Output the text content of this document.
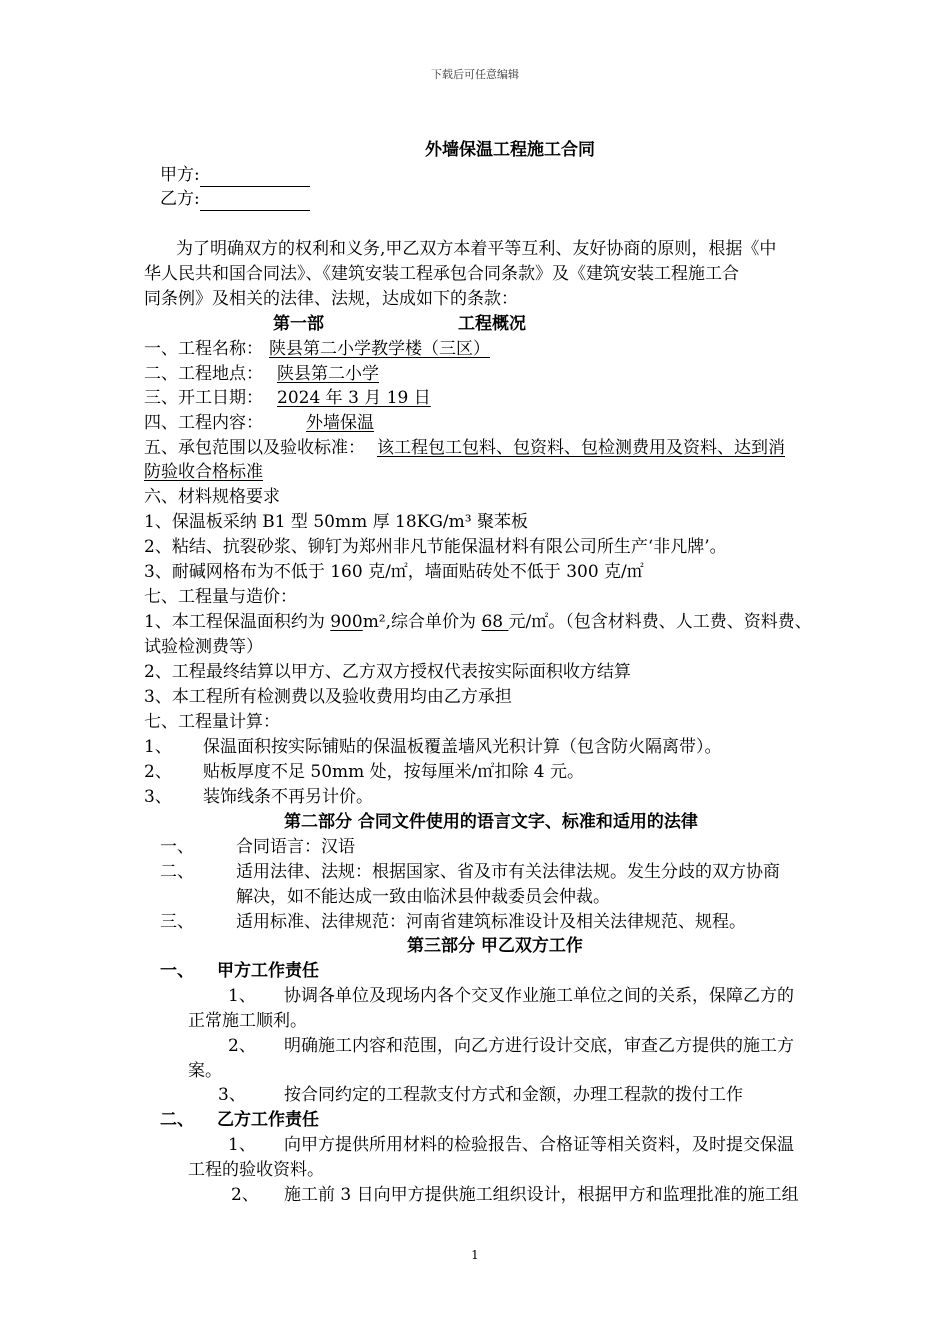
下载后可任意编辑
外墙保温工程施工合同
甲方:
乙方:
为了明确双方的权利和义务,甲乙双方本着平等互利、友好协商的原则，根据《中
华人民共和国合同法》、《建筑安装工程承包合同条款》及《建筑安装工程施工合
同条例》及相关的法律、法规，达成如下的条款：
第一部	工程概况
一、工程名称： 陕县第二小学教学楼（三区）
二、工程地点： 陕县第二小学
三、开工日期： 2024 年 3 月 19 日
四、工程内容：	外墙保温
五、承包范围以及验收标准： 该工程包工包料、包资料、包检测费用及资料、达到消
防验收合格标准
六、材料规格要求
1、保温板采纳 B1 型 50mm 厚 18KG/m³ 聚苯板
2、粘结、抗裂砂浆、铆钉为郑州非凡节能保温材料有限公司所生产‘非凡牌’。
3、耐碱网格布为不低于 160 克/㎡，墙面贴砖处不低于 300 克/㎡
七、工程量与造价：
1、本工程保温面积约为 900m²,综合单价为 68 元/㎡。（包含材料费、人工费、资料费、
试验检测费等）
2、工程最终结算以甲方、乙方双方授权代表按实际面积收方结算
3、本工程所有检测费以及验收费用均由乙方承担
七、工程量计算：
1、 保温面积按实际铺贴的保温板覆盖墙风光积计算（包含防火隔离带）。
2、 贴板厚度不足 50mm 处，按每厘米/㎡扣除 4 元。
3、 装饰线条不再另计价。
第二部分 合同文件使用的语言文字、标准和适用的法律
一、 合同语言：汉语
二、 适用法律、法规：根据国家、省及市有关法律法规。发生分歧的双方协商
解决，如不能达成一致由临沭县仲裁委员会仲裁。
三、 适用标准、法律规范：河南省建筑标准设计及相关法律规范、规程。
第三部分 甲乙双方工作
一、 甲方工作责任
1、 协调各单位及现场内各个交叉作业施工单位之间的关系，保障乙方的
正常施工顺利。
2、 明确施工内容和范围，向乙方进行设计交底，审查乙方提供的施工方
案。
3、 按合同约定的工程款支付方式和金额，办理工程款的拨付工作
二、 乙方工作责任
1、 向甲方提供所用材料的检验报告、合格证等相关资料，及时提交保温
工程的验收资料。
2、 施工前 3 日向甲方提供施工组织设计，根据甲方和监理批准的施工组
1
